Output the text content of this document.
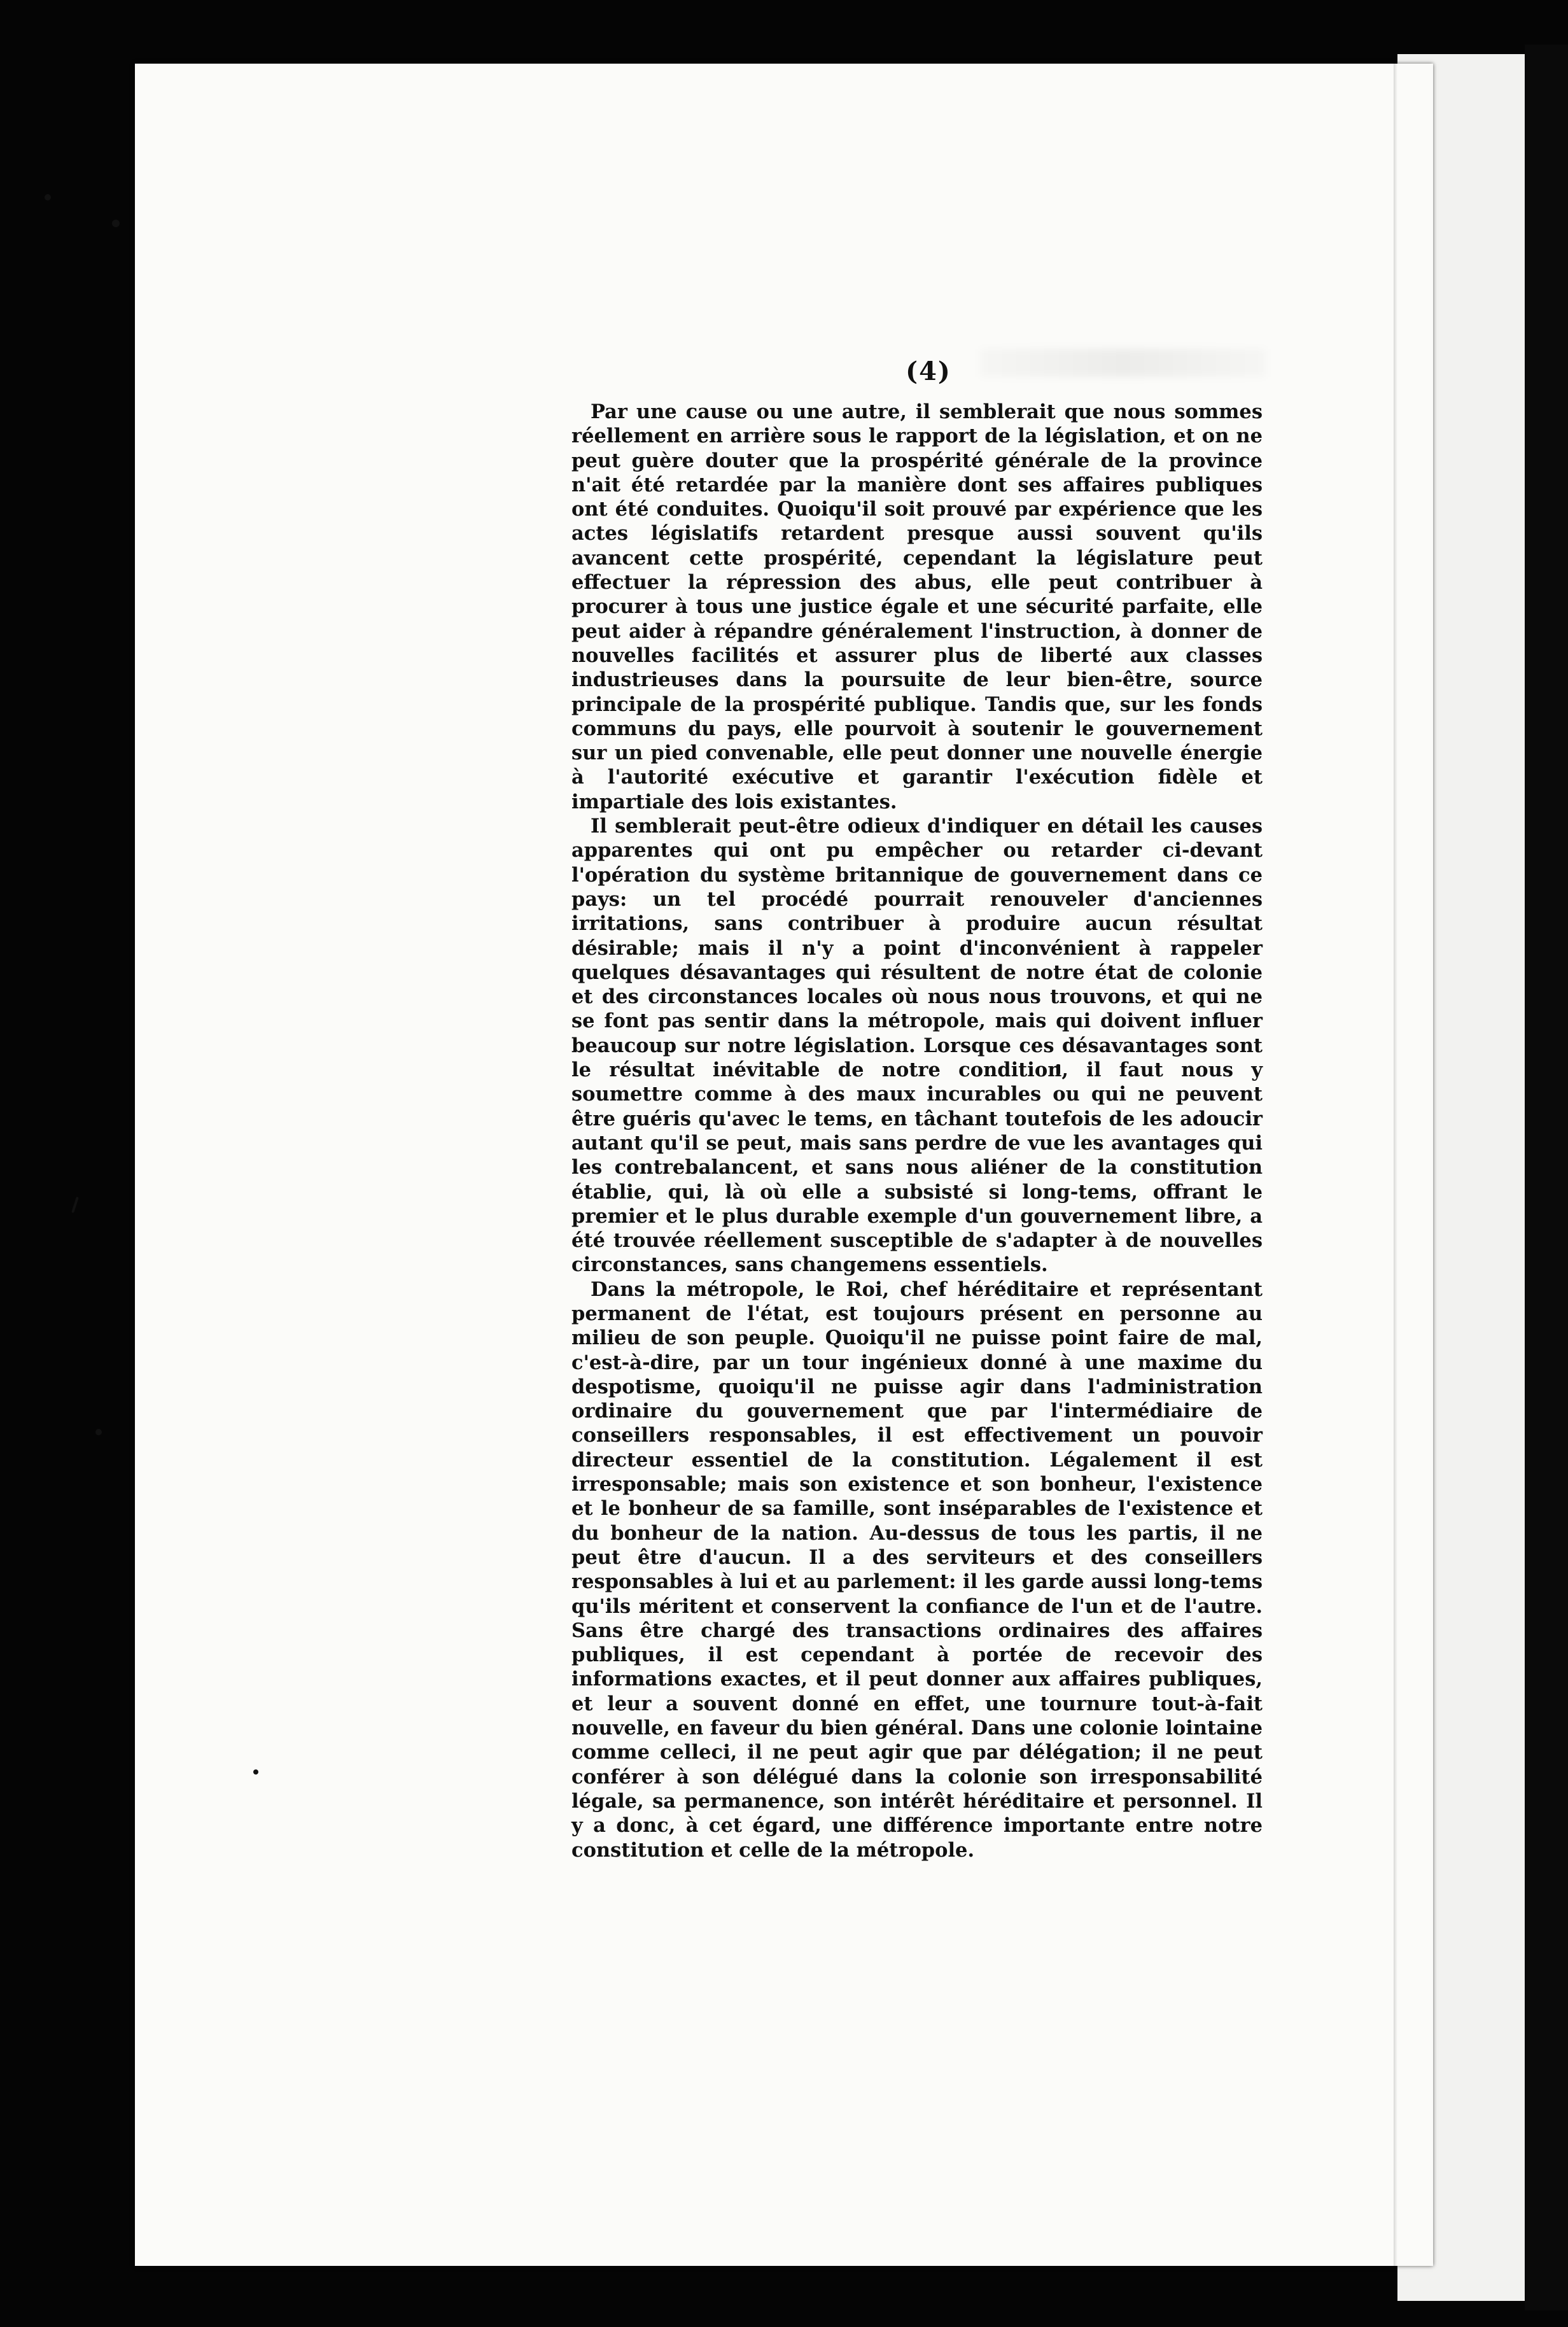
(4)

Par une cause ou une autre, il semblerait que nous sommes réellement en arrière sous le rapport de la législation, et on ne peut guère douter que la prospérité générale de la province n'ait été retardée par la manière dont ses affaires publiques ont été conduites. Quoiqu'il soit prouvé par expérience que les actes législatifs retardent presque aussi souvent qu'ils avancent cette prospérité, cependant la législature peut effectuer la répression des abus, elle peut contribuer à procurer à tous une justice égale et une sécurité parfaite, elle peut aider à répandre généralement l'instruction, à donner de nouvelles facilités et assurer plus de liberté aux classes industrieuses dans la poursuite de leur bien-être, source principale de la prospérité publique. Tandis que, sur les fonds communs du pays, elle pourvoit à soutenir le gouvernement sur un pied convenable, elle peut donner une nouvelle énergie à l'autorité exécutive et garantir l'exécution fidèle et impartiale des lois existantes.

Il semblerait peut-être odieux d'indiquer en détail les causes apparentes qui ont pu empêcher ou retarder ci-devant l'opération du système britannique de gouvernement dans ce pays: un tel procédé pourrait renouveler d'anciennes irritations, sans contribuer à produire aucun résultat désirable; mais il n'y a point d'inconvénient à rappeler quelques désavantages qui résultent de notre état de colonie et des circonstances locales où nous nous trouvons, et qui ne se font pas sentir dans la métropole, mais qui doivent influer beaucoup sur notre législation. Lorsque ces désavantages sont le résultat inévitable de notre condition, il faut nous y soumettre comme à des maux incurables ou qui ne peuvent être guéris qu'avec le tems, en tâchant toutefois de les adoucir autant qu'il se peut, mais sans perdre de vue les avantages qui les contrebalancent, et sans nous aliéner de la constitution établie, qui, là où elle a subsisté si long-tems, offrant le premier et le plus durable exemple d'un gouvernement libre, a été trouvée réellement susceptible de s'adapter à de nouvelles circonstances, sans changemens essentiels.

Dans la métropole, le Roi, chef héréditaire et représentant permanent de l'état, est toujours présent en personne au milieu de son peuple. Quoiqu'il ne puisse point faire de mal, c'est-à-dire, par un tour ingénieux donné à une maxime du despotisme, quoiqu'il ne puisse agir dans l'administration ordinaire du gouvernement que par l'intermédiaire de conseillers responsables, il est effectivement un pouvoir directeur essentiel de la constitution. Légalement il est irresponsable; mais son existence et son bonheur, l'existence et le bonheur de sa famille, sont inséparables de l'existence et du bonheur de la nation. Au-dessus de tous les partis, il ne peut être d'aucun. Il a des serviteurs et des conseillers responsables à lui et au parlement: il les garde aussi long-tems qu'ils méritent et conservent la confiance de l'un et de l'autre. Sans être chargé des transactions ordinaires des affaires publiques, il est cependant à portée de recevoir des informations exactes, et il peut donner aux affaires publiques, et leur a souvent donné en effet, une tournure tout-à-fait nouvelle, en faveur du bien général. Dans une colonie lointaine comme celleci, il ne peut agir que par délégation; il ne peut conférer à son délégué dans la colonie son irresponsabilité légale, sa permanence, son intérêt héréditaire et personnel. Il y a donc, à cet égard, une différence importante entre notre constitution et celle de la métropole.
